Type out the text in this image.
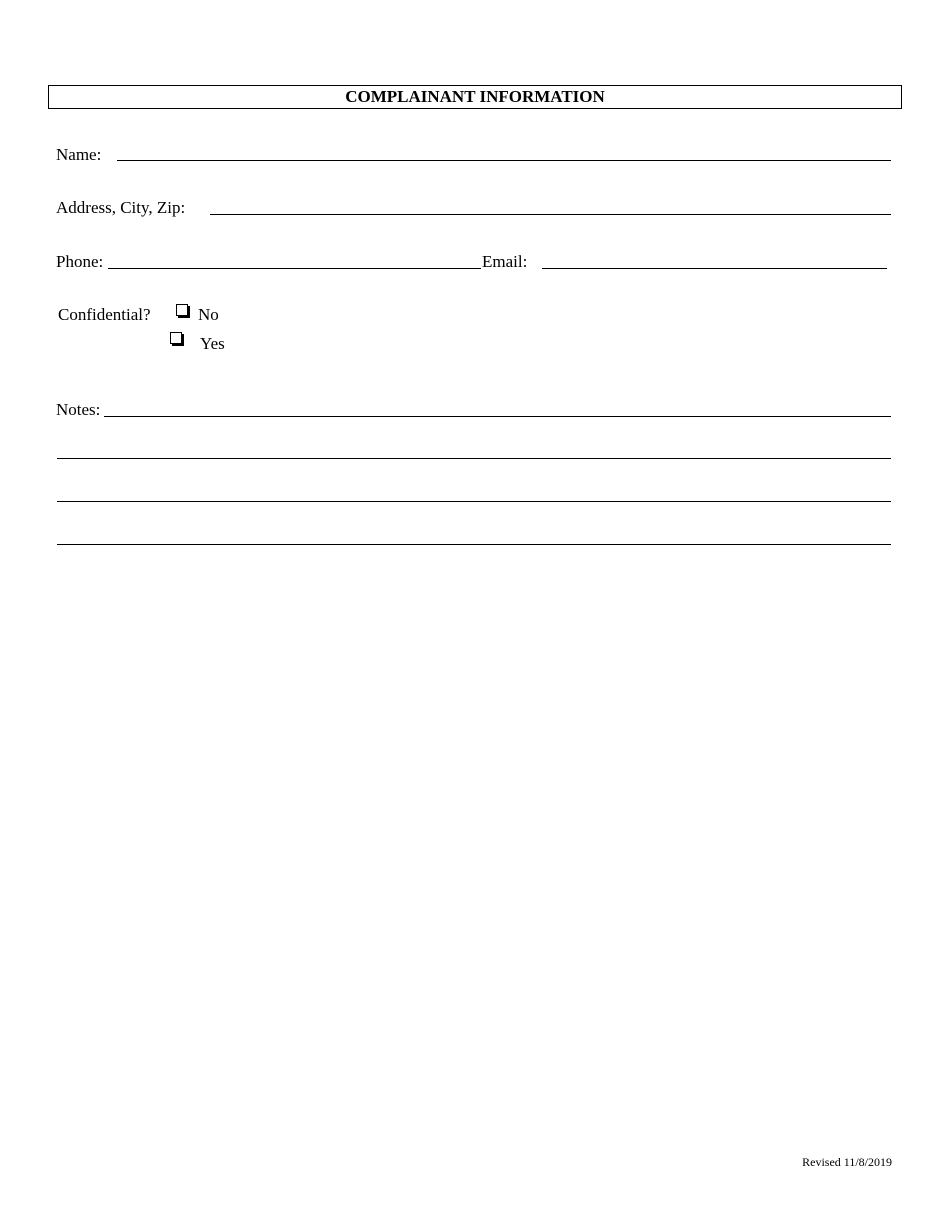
COMPLAINANT INFORMATION
Name:
Address, City, Zip:
Phone:	Email:
Confidential?	No
Yes
Notes:
Revised 11/8/2019
